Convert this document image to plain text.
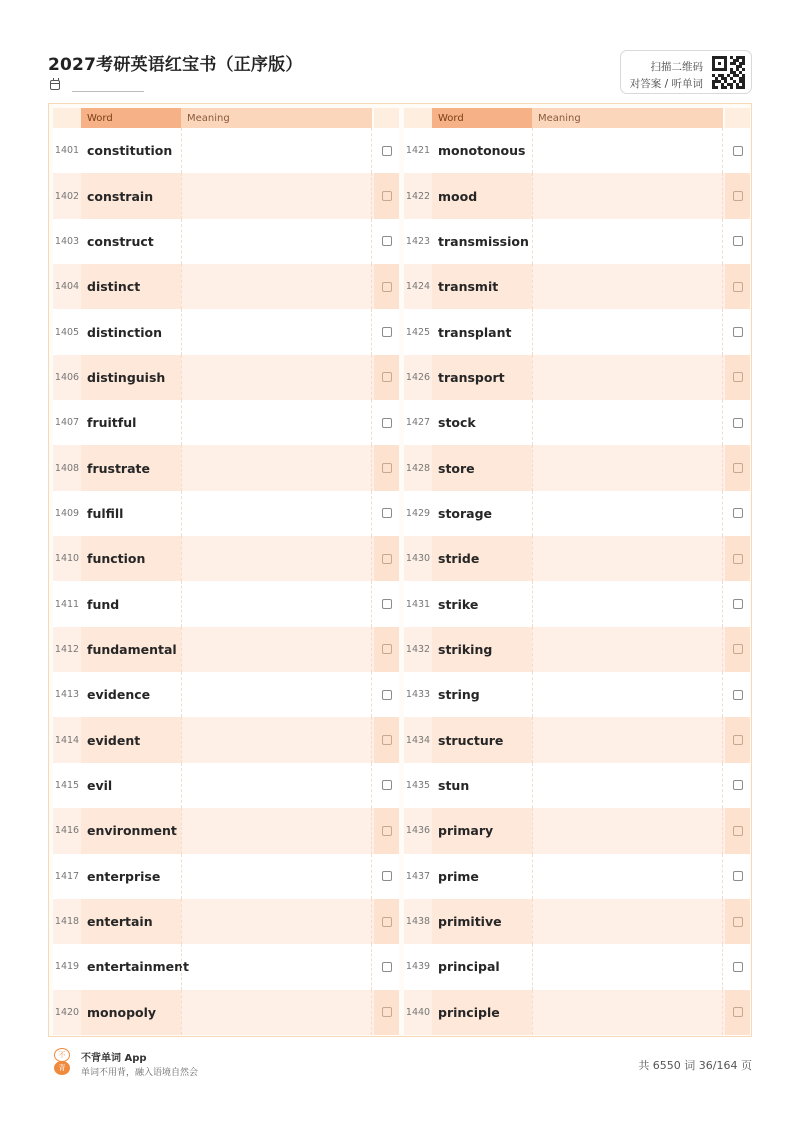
2027考研英语红宝书（正序版）	扫描二维码
对答案 / 听单词
Word	Meaning
1401 constitution
1402 constrain
1403 construct
1404 distinct
1405 distinction
1406 distinguish
1407 fruitful
1408 frustrate
1409 fulfill
1410 function
1411 fund
1412 fundamental
1413 evidence
1414 evident
1415 evil
1416 environment
1417 enterprise
1418 entertain
1419 entertainment
1420 monopoly
Word	Meaning
1421 monotonous
1422 mood
1423 transmission
1424 transmit
1425 transplant
1426 transport
1427 stock
1428 store
1429 storage
1430 stride
1431 strike
1432 striking
1433 string
1434 structure
1435 stun
1436 primary
1437 prime
1438 primitive
1439 principal
1440 principle
不
背
不背单词 App
单词不用背，融入语境自然会
共 6550 词 36/164 页
